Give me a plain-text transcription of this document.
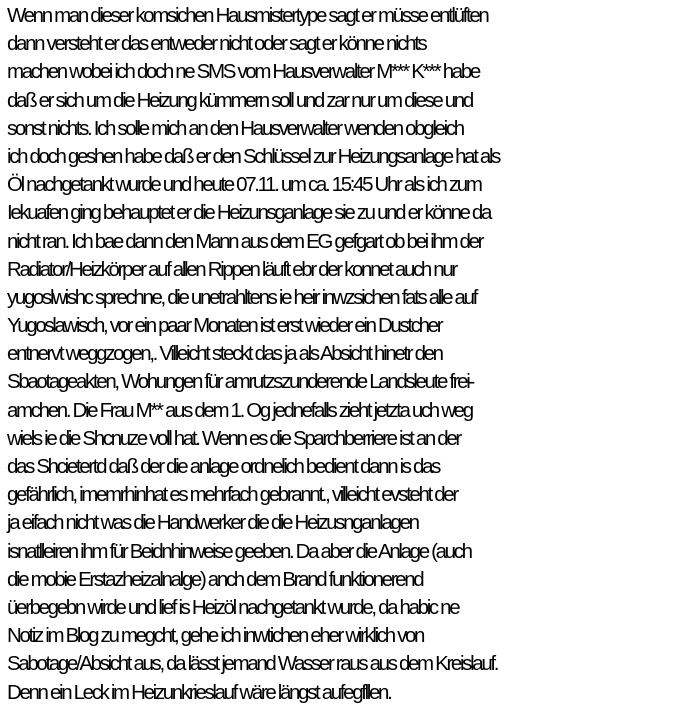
Wenn man dieser komsichen Hausmistertype sagt er müsse entlüften
dann versteht er das entweder nicht oder sagt er könne nichts
machen wobei ich doch ne SMS vom Hausverwalter M*** K*** habe
daß er sich um die Heizung kümmern soll und zar nur um diese und
sonst nichts. Ich solle mich an den Hausverwalter wenden obgleich
ich doch geshen habe daß er den Schlüssel zur Heizungsanlage hat als
Öl nachgetankt wurde und heute 07.11. um ca. 15:45 Uhr als ich zum
Iekuafen ging behauptet er die Heizunsganlage sie zu und er könne da
nicht ran. Ich bae dann den Mann aus dem EG gefgart ob bei ihm der
Radiator/Heizkörper auf allen Rippen läuft ebr der konnet auch nur
yugoslwishc sprechne, die unetrahltens ie heir inwzsichen fats alle auf
Yugoslawisch, vor ein paar Monaten ist erst wieder ein Dustcher
entnervt weggzogen,. Villeicht steckt das ja als Absicht hinetr den
Sbaotageakten, Wohungen für amrutzszunderende Landsleute frei-
amchen. Die Frau M** aus dem 1. Og jednefalls zieht jetzta uch weg
wiels ie die Shcnuze voll hat. Wenn es die Sparchberriere ist an der
das Shcietertd daß der die anlage ordnelich bedient dann is das
gefährlich, imemrhinhat es mehrfach gebrannt., villeicht evsteht der
ja eifach nicht was die Handwerker die die Heizusnganlagen
isnatlleiren ihm für Beidnhinweise geeben. Da aber die Anlage (auch
die mobie Erstazheizalnalge) anch dem Brand funktionerend
üerbegebn wirde und lief is Heizöl nachgetankt wurde, da habic ne
Notiz im Blog zu megcht, gehe ich inwtichen eher wirklich von
Sabotage/Absicht aus, da lässt jemand Wasser raus aus dem Kreislauf.
Denn ein Leck im Heizunkrieslauf wäre längst aufegfllen.
